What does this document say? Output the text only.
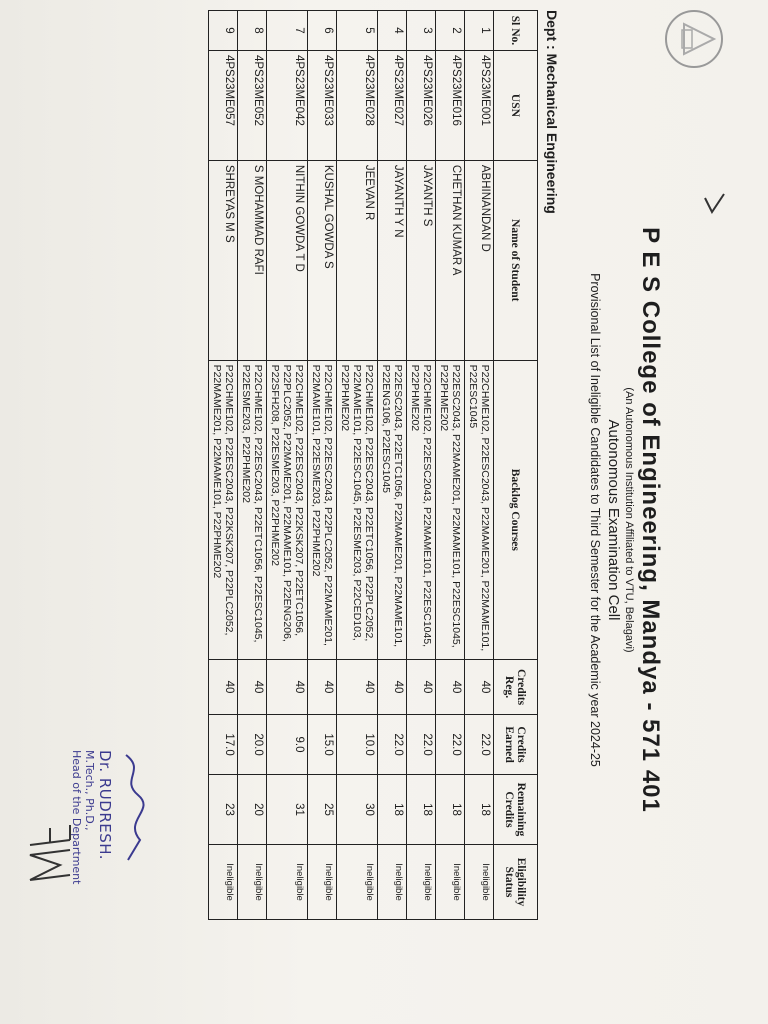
P E S College of Engineering, Mandya - 571 401
(An Autonomous Institution Affiliated to VTU, Belagavi)
Autonomous Examination Cell
Provisional List of Ineligible Candidates to Third Semester for the Academic year 2024-25
Dept : Mechanical Engineering
Sl No.	USN	Name of Student	Backlog Courses	Credits Reg.	Credits Earned	Remaining Credits	Eligibility Status
1	4PS23ME001	ABHINANDAN D	P22CHME102, P22ESC2043, P22MAME201, P22MAME101, P22ESC1045	40	22.0	18	Ineligible
2	4PS23ME016	CHETHAN KUMAR A	P22ESC2043, P22MAME201, P22MAME101, P22ESC1045, P22PHME202	40	22.0	18	Ineligible
3	4PS23ME026	JAYANTH S	P22CHME102, P22ESC2043, P22MAME101, P22ESC1045, P22PHME202	40	22.0	18	Ineligible
4	4PS23ME027	JAYANTH Y N	P22ESC2043, P22ETC1056, P22MAME201, P22MAME101, P22ENG106, P22ESC1045	40	22.0	18	Ineligible
5	4PS23ME028	JEEVAN R	P22CHME102, P22ESC2043, P22ETC1056, P22PLC2052, P22MAME101, P22ESC1045, P22ESME203, P22CED103, P22PHME202	40	10.0	30	Ineligible
6	4PS23ME033	KUSHAL GOWDA S	P22CHME102, P22ESC2043, P22PLC2052, P22MAME201, P22MAME101, P22ESME203, P22PHME202	40	15.0	25	Ineligible
7	4PS23ME042	NITHIN GOWDA T D	P22CHME102, P22ESC2043, P22KSK207, P22ETC1056, P22PLC2052, P22MAME201, P22MAME101, P22ENG206, P22SFH208, P22ESME203, P22PHME202	40	9.0	31	Ineligible
8	4PS23ME052	S MOHAMMAD RAFI	P22CHME102, P22ESC2043, P22ETC1056, P22ESC1045, P22ESME203, P22PHME202	40	20.0	20	Ineligible
9	4PS23ME057	SHREYAS M S	P22CHME102, P22ESC2043, P22KSK207, P22PLC2052, P22MAME201, P22MAME101, P22PHME202	40	17.0	23	Ineligible
Dr. RUDRESH.
M.Tech., Ph.D.,
Head of the Department
